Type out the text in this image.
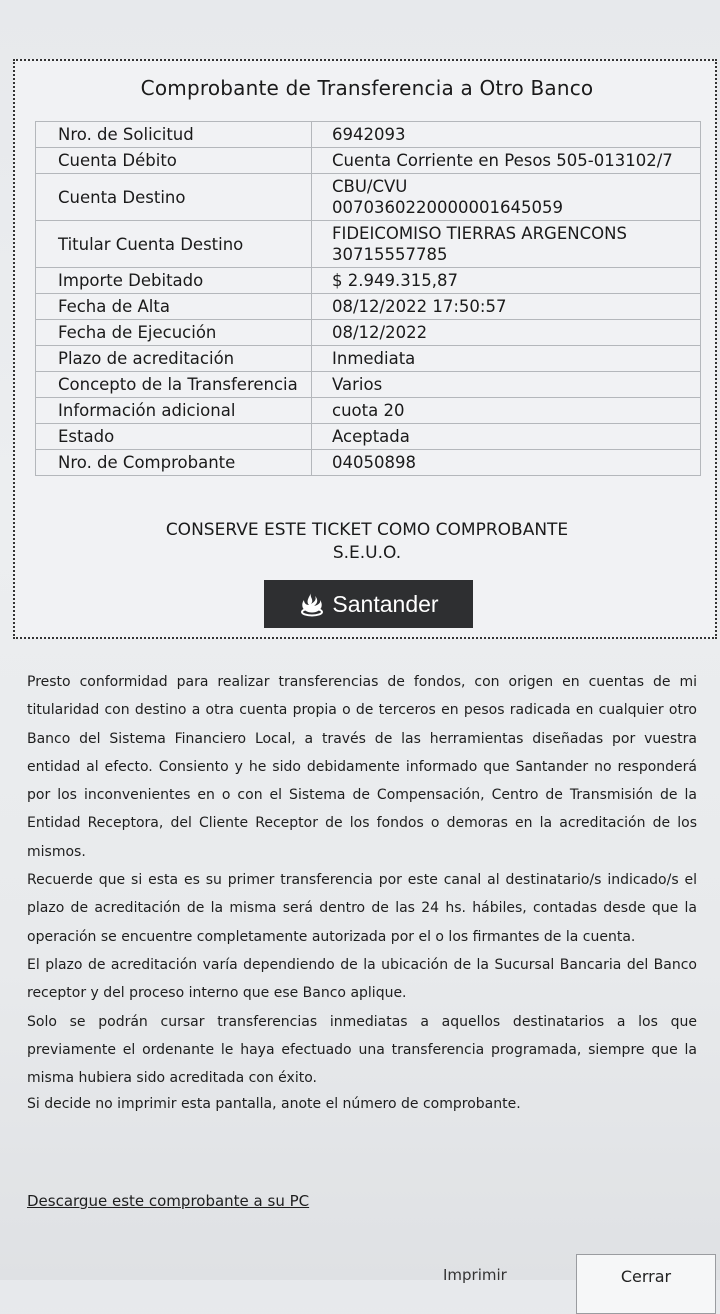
Comprobante de Transferencia a Otro Banco
Nro. de Solicitud	6942093
Cuenta Débito	Cuenta Corriente en Pesos 505-013102/7
Cuenta Destino	CBU/CVU
0070360220000001645059

Titular Cuenta Destino	FIDEICOMISO TIERRAS ARGENCONS
30715557785

Importe Debitado	$ 2.949.315,87
Fecha de Alta	08/12/2022 17:50:57
Fecha de Ejecución	08/12/2022
Plazo de acreditación	Inmediata
Concepto de la Transferencia	Varios
Información adicional	cuota 20
Estado	Aceptada
Nro. de Comprobante	04050898
CONSERVE ESTE TICKET COMO COMPROBANTE
S.E.U.O.
Santander

Presto conformidad para realizar transferencias de fondos, con origen en cuentas de mi titularidad con destino a otra cuenta propia o de terceros en pesos radicada en cualquier otro Banco del Sistema Financiero Local, a través de las herramientas diseñadas por vuestra entidad al efecto. Consiento y he sido debidamente informado que Santander no responderá por los inconvenientes en o con el Sistema de Compensación, Centro de Transmisión de la Entidad Receptora, del Cliente Receptor de los fondos o demoras en la acreditación de los mismos.

Recuerde que si esta es su primer transferencia por este canal al destinatario/s indicado/s el plazo de acreditación de la misma será dentro de las 24 hs. hábiles, contadas desde que la operación se encuentre completamente autorizada por el o los firmantes de la cuenta.

El plazo de acreditación varía dependiendo de la ubicación de la Sucursal Bancaria del Banco receptor y del proceso interno que ese Banco aplique.

Solo se podrán cursar transferencias inmediatas a aquellos destinatarios a los que previamente el ordenante le haya efectuado una transferencia programada, siempre que la misma hubiera sido acreditada con éxito.

Si decide no imprimir esta pantalla, anote el número de comprobante.
Descargue este comprobante a su PC
Imprimir	Cerrar
